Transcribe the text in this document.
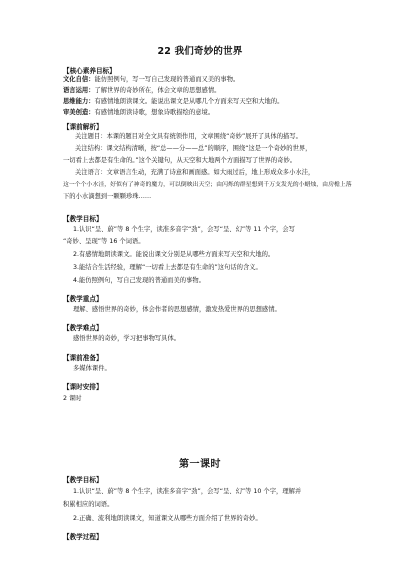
22 我们奇妙的世界
【核心素养目标】
文化自信：能仿照例句，写一写自己发现的普通而又美的事物。
语言运用：了解世界的奇妙所在，体会文章的思想感情。
思维能力：有感情地朗读课文。能说出课文是从哪几个方面来写天空和大地的。
审美创造：有感情地朗读诗歌，想象诗歌描绘的意境。
【课前解析】
关注题目：本课的题目对全文具有统领作用，文章围绕“奇妙”展开了具体的描写。
关注结构：课文结构清晰，按“总——分——总”的顺序，围绕“这是一个奇妙的世界，
一切看上去都是有生命的。”这个关键句，从天空和大地两个方面描写了世界的奇妙。
关注语言：文章语言生动，充满了诗意和画面感。如大雨过后，地上形成众多小水洼，
这一个个小水洼，好似有了神奇的魔力，可以倒映出天空；由闪烁的群星想到千万支发光的小蜡烛，由房檐上落
下的小水滴想到一颗颗珍珠……
【教学目标】
1.认识“呈、蔚”等 8 个生字，读准多音字“劲”，会写“呈、幻”等 11 个字，会写
“奇妙、呈现”等 16 个词语。
2.有感情地朗读课文。能说出课文分别是从哪些方面来写天空和大地的。
3.能结合生活经验，理解“一切看上去都是有生命的”这句话的含义。
4.能仿照例句，写自己发现的普通而美的事物。
【教学重点】
理解、感悟世界的奇妙，体会作者的思想感情，激发热爱世界的思想感情。
【教学难点】
感悟世界的奇妙，学习把事物写具体。
【课前准备】
多媒体课件。
【课时安排】
2 课时
第一课时
【教学目标】
1.认识“呈、蔚”等 8 个生字，读准多音字“劲”，会写“呈、幻”等 10 个字，理解并
积累相应的词语。
2.正确、流利地朗读课文，知道课文从哪些方面介绍了世界的奇妙。
【教学过程】
